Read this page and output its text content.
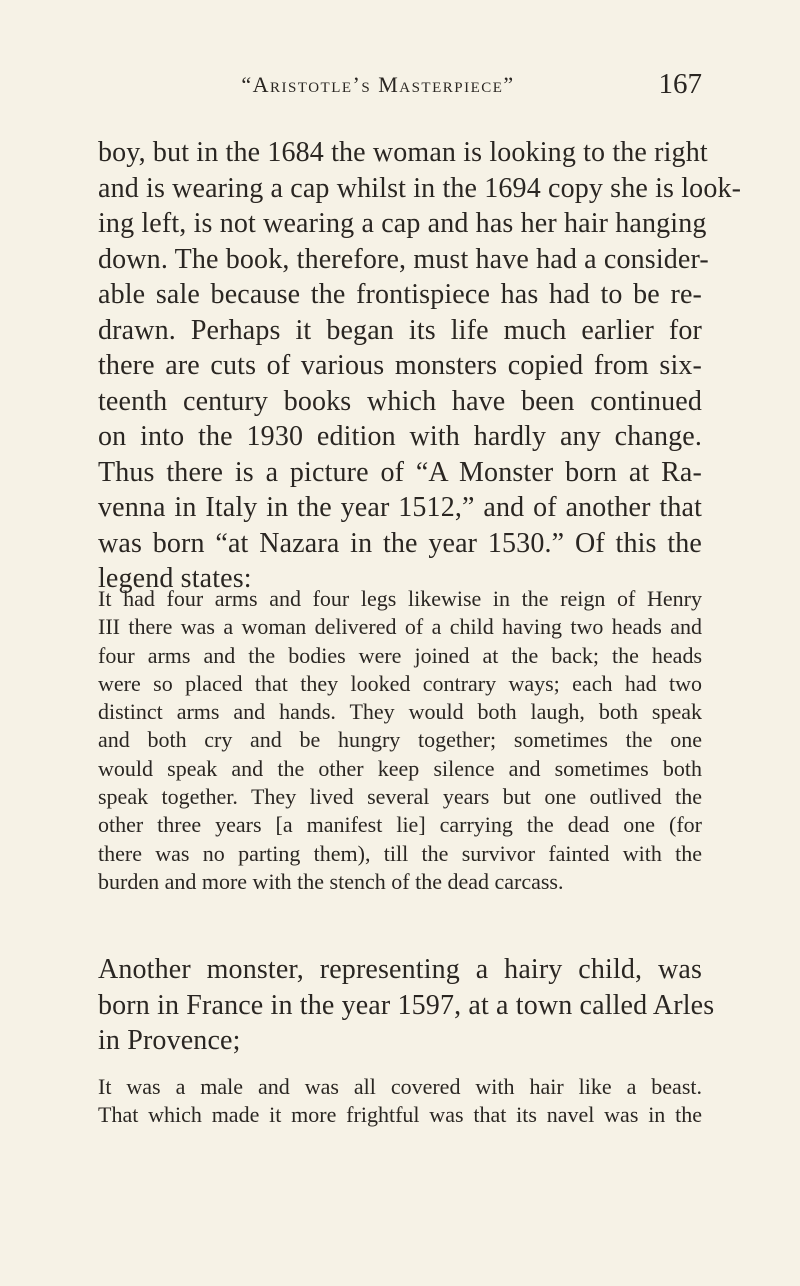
“Aristotle’s Masterpiece”	167
boy, but in the 1684 the woman is looking to the right
and is wearing a cap whilst in the 1694 copy she is look-
ing left, is not wearing a cap and has her hair hanging
down. The book, therefore, must have had a consider-
able sale because the frontispiece has had to be re-
drawn. Perhaps it began its life much earlier for
there are cuts of various monsters copied from six-
teenth century books which have been continued
on into the 1930 edition with hardly any change.
Thus there is a picture of “A Monster born at Ra-
venna in Italy in the year 1512,” and of another that
was born “at Nazara in the year 1530.” Of this the
legend states:
It had four arms and four legs likewise in the reign of Henry
III there was a woman delivered of a child having two heads and
four arms and the bodies were joined at the back; the heads
were so placed that they looked contrary ways; each had two
distinct arms and hands. They would both laugh, both speak
and both cry and be hungry together; sometimes the one
would speak and the other keep silence and sometimes both
speak together. They lived several years but one outlived the
other three years [a manifest lie] carrying the dead one (for
there was no parting them), till the survivor fainted with the
burden and more with the stench of the dead carcass.
Another monster, representing a hairy child, was
born in France in the year 1597, at a town called Arles
in Provence;
It was a male and was all covered with hair like a beast.
That which made it more frightful was that its navel was in the
